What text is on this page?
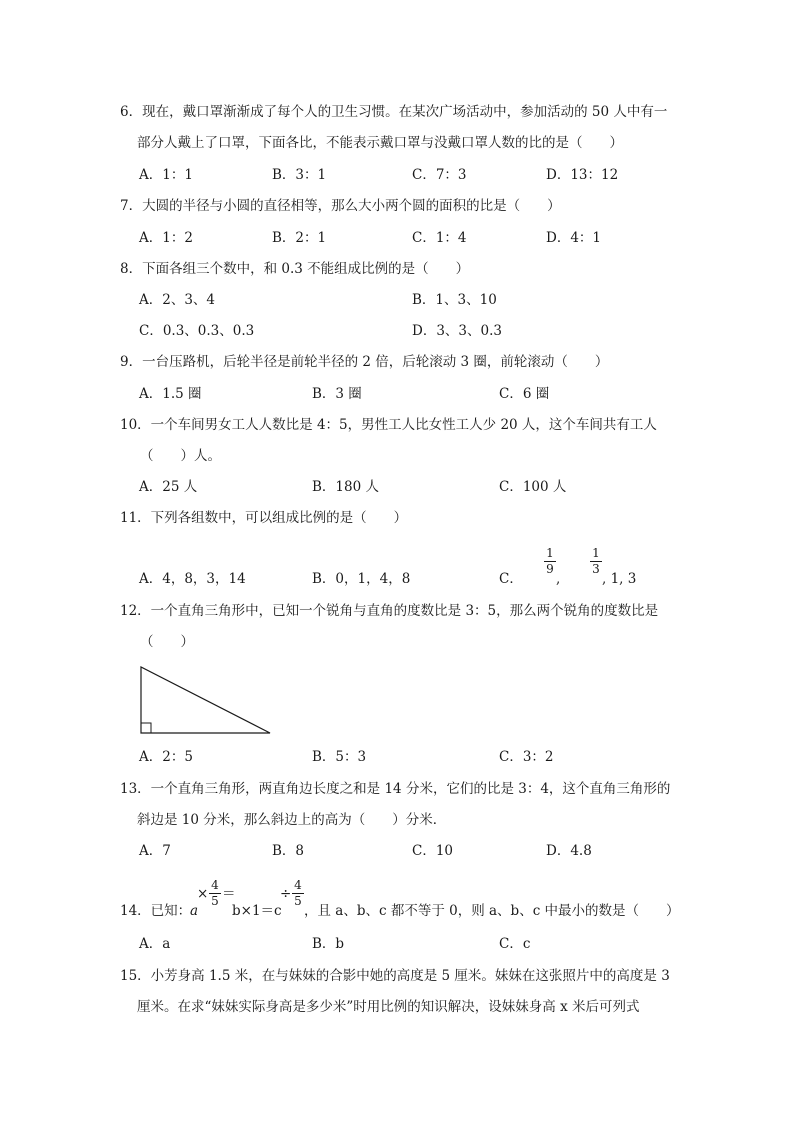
6．现在，戴口罩渐渐成了每个人的卫生习惯。在某次广场活动中，参加活动的 50 人中有一
部分人戴上了口罩，下面各比，不能表示戴口罩与没戴口罩人数的比的是（　　）
A．1：1	B．3：1	C．7：3	D．13：12
7．大圆的半径与小圆的直径相等，那么大小两个圆的面积的比是（　　）
A．1：2	B．2：1	C．1：4	D．4：1
8．下面各组三个数中，和 0.3 不能组成比例的是（　　）
A．2、3、4	B．1、3、10
C．0.3、0.3、0.3	D．3、3、0.3
9．一台压路机，后轮半径是前轮半径的 2 倍，后轮滚动 3 圈，前轮滚动（　　）
A．1.5 圈	B．3 圈	C．6 圈
10．一个车间男女工人人数比是 4：5，男性工人比女性工人少 20 人，这个车间共有工人
（　　）人。
A．25 人	B．180 人	C．100 人
11．下列各组数中，可以组成比例的是（　　）
A．4，8，3，14	B．0，1，4，8	C．
1
9
,
1
3
, 1, 3
12．一个直角三角形中，已知一个锐角与直角的度数比是 3：5，那么两个锐角的度数比是
（　　）
A．2：5	B．5：3	C．3：2
13．一个直角三角形，两直角边长度之和是 14 分米，它们的比是 3：4，这个直角三角形的
斜边是 10 分米，那么斜边上的高为（　　）分米．
A．7	B．8	C．10	D．4.8
14．已知：
a
×
4
5 ＝
b×1＝c
÷
4
5
，且 a、b、c 都不等于 0，则 a、b、c 中最小的数是（　　）
A．a	B．b	C．c
15．小芳身高 1.5 米，在与妹妹的合影中她的高度是 5 厘米。妹妹在这张照片中的高度是 3
厘米。在求“妹妹实际身高是多少米”时用比例的知识解决，设妹妹身高 x 米后可列式
